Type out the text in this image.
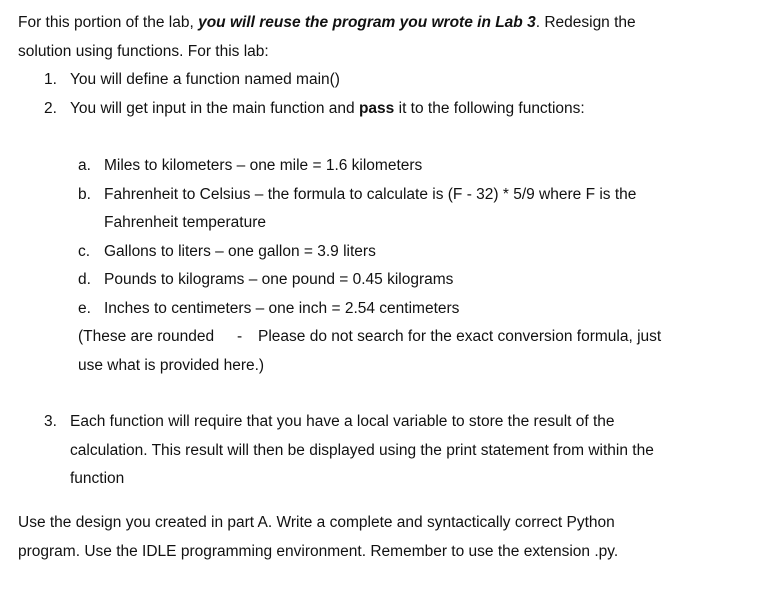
For this portion of the lab, you will reuse the program you wrote in Lab 3. Redesign the
solution using functions. For this lab:
1. You will define a function named main()
2. You will get input in the main function and pass it to the following functions:
a. Miles to kilometers – one mile = 1.6 kilometers
b. Fahrenheit to Celsius – the formula to calculate is (F - 32) * 5/9 where F is the
Fahrenheit temperature
c. Gallons to liters – one gallon = 3.9 liters
d. Pounds to kilograms – one pound = 0.45 kilograms
e. Inches to centimeters – one inch = 2.54 centimeters
(These are rounded - Please do not search for the exact conversion formula, just
use what is provided here.)
3. Each function will require that you have a local variable to store the result of the
calculation. This result will then be displayed using the print statement from within the
function
Use the design you created in part A. Write a complete and syntactically correct Python
program. Use the IDLE programming environment. Remember to use the extension .py.
